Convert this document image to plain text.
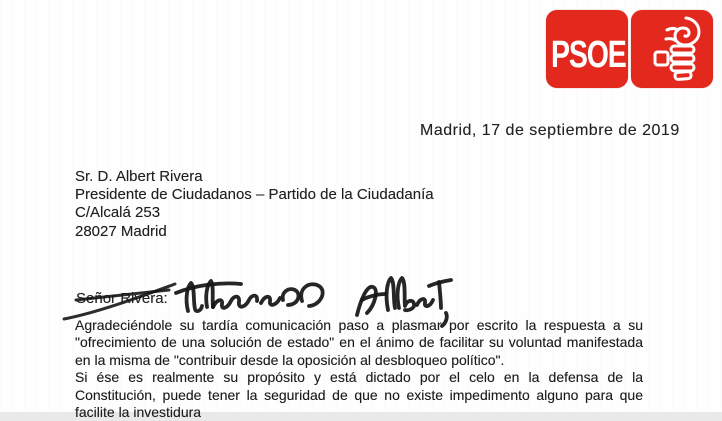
PSOE
Madrid, 17 de septiembre de 2019
Sr. D. Albert Rivera
Presidente de Ciudadanos – Partido de la Ciudadanía
C/Alcalá 253
28027 Madrid
Señor Rivera:
Agradeciéndole su tardía comunicación paso a plasmar por escrito la respuesta a su
"ofrecimiento de una solución de estado" en el ánimo de facilitar su voluntad manifestada
en la misma de "contribuir desde la oposición al desbloqueo político".
Si ése es realmente su propósito y está dictado por el celo en la defensa de la
Constitución, puede tener la seguridad de que no existe impedimento alguno para que
facilite la investidura
